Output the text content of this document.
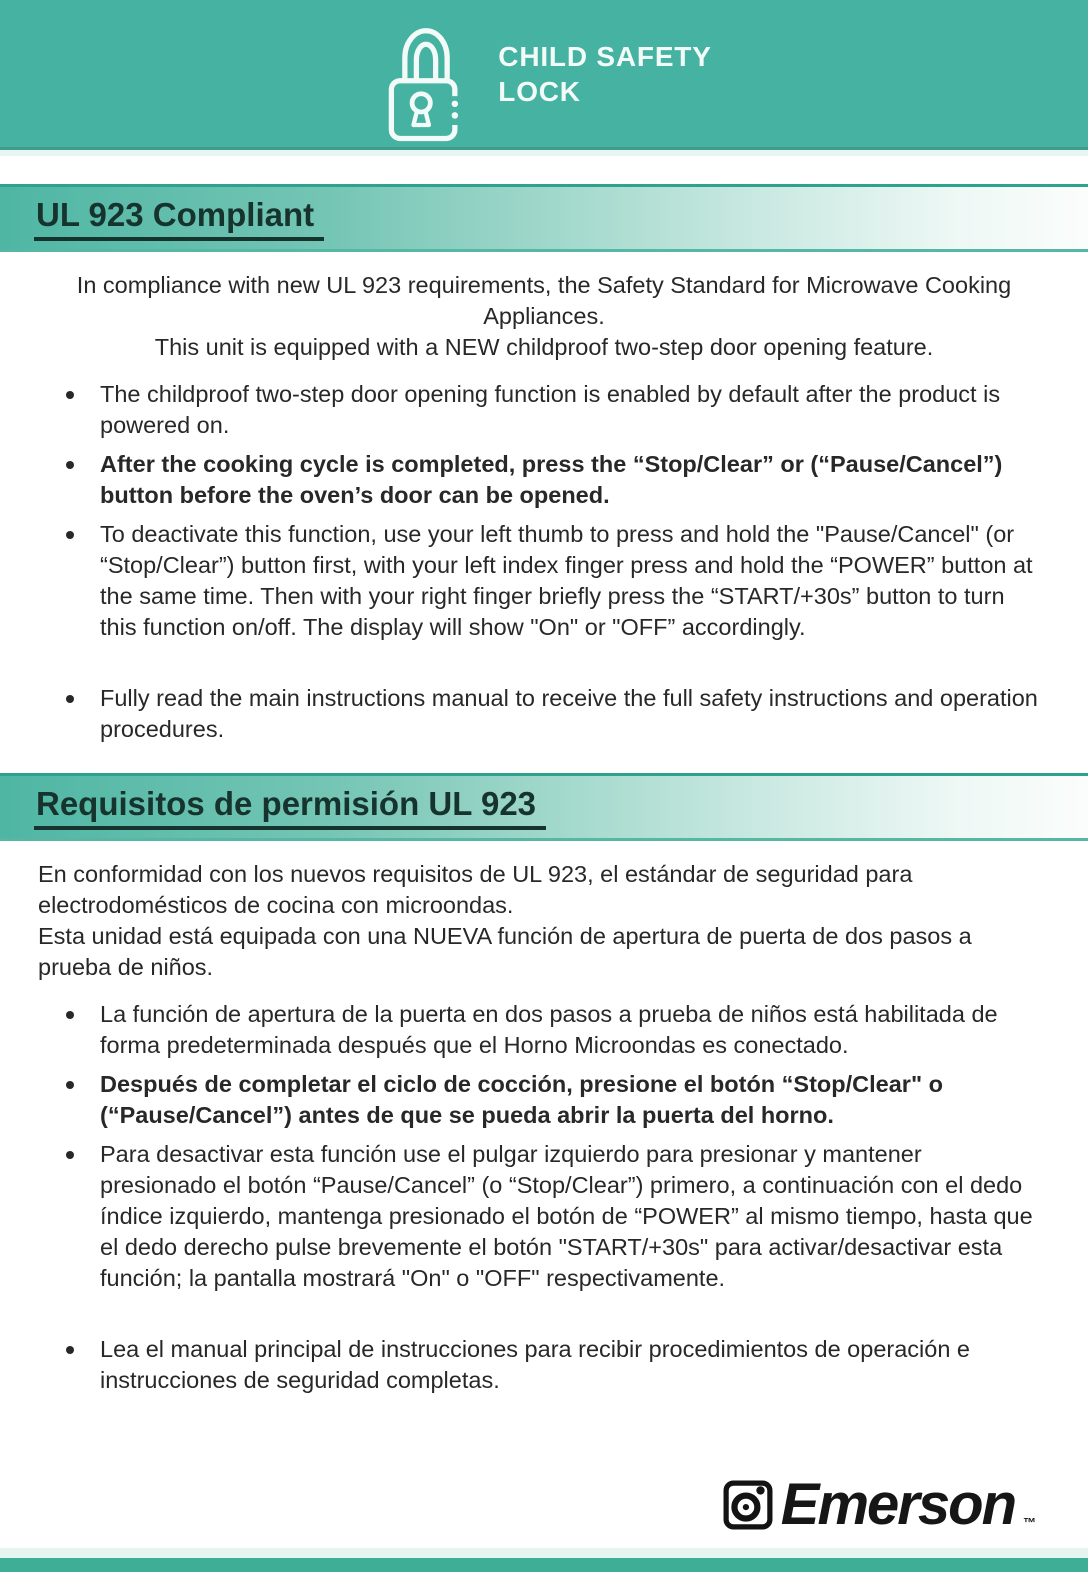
CHILD SAFETY
LOCK
UL 923 Compliant

In compliance with new UL 923 requirements, the Safety Standard for Microwave Cooking Appliances.

This unit is equipped with a NEW childproof two-step door opening feature.

The childproof two-step door opening function is enabled by default after the product is powered on.
After the cooking cycle is completed, press the “Stop/Clear” or (“Pause/Cancel”) button before the oven’s door can be opened.
To deactivate this function, use your left thumb to press and hold the "Pause/Cancel" (or “Stop/Clear”) button first, with your left index finger press and hold the “POWER” button at the same time. Then with your right finger briefly press the “START/+30s” button to turn this function on/off. The display will show "On" or "OFF” accordingly.
Fully read the main instructions manual to receive the full safety instructions and operation procedures.
Requisitos de permisión UL 923

En conformidad con los nuevos requisitos de UL 923, el estándar de seguridad para electrodomésticos de cocina con microondas.

Esta unidad está equipada con una NUEVA función de apertura de puerta de dos pasos a prueba de niños.

La función de apertura de la puerta en dos pasos a prueba de niños está habilitada de forma predeterminada después que el Horno Microondas es conectado.
Después de completar el ciclo de cocción, presione el botón “Stop/Clear" o (“Pause/Cancel”) antes de que se pueda abrir la puerta del horno.
Para desactivar esta función use el pulgar izquierdo para presionar y mantener presionado el botón “Pause/Cancel” (o “Stop/Clear”) primero, a continuación con el dedo índice izquierdo, mantenga presionado el botón de “POWER” al mismo tiempo, hasta que el dedo derecho pulse brevemente el botón "START/+30s" para activar/desactivar esta función; la pantalla mostrará "On" o "OFF" respectivamente.
Lea el manual principal de instrucciones para recibir procedimientos de operación e instrucciones de seguridad completas.
Emerson ™
